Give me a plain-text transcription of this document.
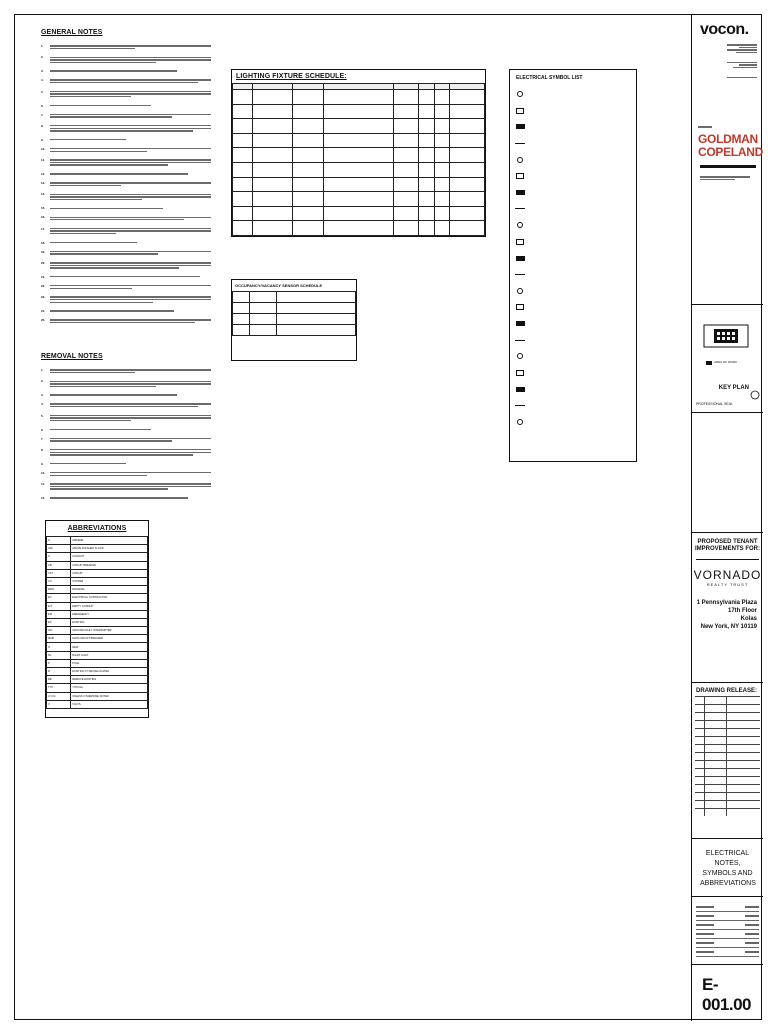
GENERAL NOTES
1.
2.
3.
4.
5.
6.
7.
8.
9.
10.
11.
12.
13.
14.
15.
16.
17.
18.
19.
20.
21.
22.
23.
24.
25.
REMOVAL NOTES
1.
2.
3.
4.
5.
6.
7.
8.
9.
10.
11.
12.
ABBREVIATIONS
A	AMPERE
AFF	ABOVE FINISHED FLOOR
C	CONDUIT
CB	CIRCUIT BREAKER
CKT	CIRCUIT
CU	COPPER
DWG	DRAWING
EC	ELECTRICAL CONTRACTOR
E/T	EMPTY CONDUIT
EM	EMERGENCY
EX	EXISTING
GFI	GROUND FAULT INTERRUPTER
MCB	MAIN CIRCUIT BREAKER
N	NEW
NL	NIGHT LIGHT
P	POLE
R	EXISTING TO BE RELOCATED
RE	REMOVE EXISTING
TYP	TYPICAL
U.O.N.	UNLESS OTHERWISE NOTED
V	VOLTS
LIGHTING FIXTURE SCHEDULE:

OCCUPANCY/VACANCY SENSOR SCHEDULE

ELECTRICAL SYMBOL LIST
vocon.
GOLDMAN
COPELAND
AREA OF WORK
KEY PLAN
PROFESSIONAL SEAL
PROPOSED TENANT IMPROVEMENTS FOR:
VORNADO
REALTY TRUST
1 Pennsylvania Plaza
17th Floor
Kolas
New York, NY 10119
DRAWING RELEASE:
ELECTRICAL NOTES, SYMBOLS AND ABBREVIATIONS
E-001.00
